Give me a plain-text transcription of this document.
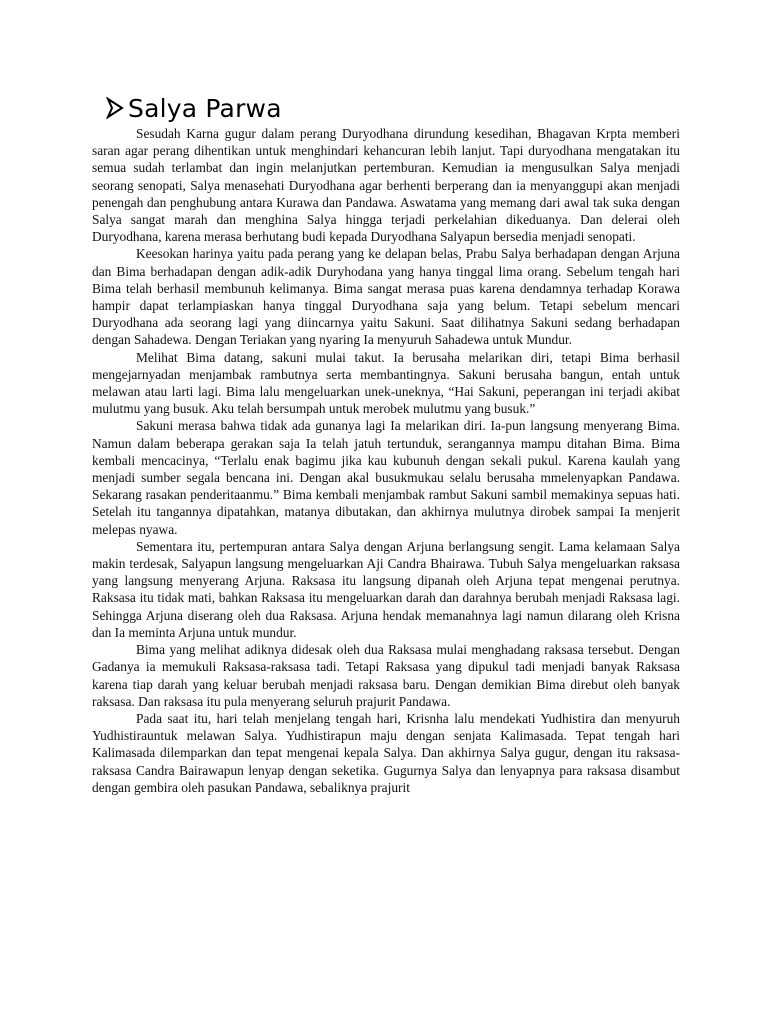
Salya Parwa

Sesudah Karna gugur dalam perang Duryodhana dirundung kesedihan, Bhagavan Krpta memberi saran agar perang dihentikan untuk menghindari kehancuran lebih lanjut. Tapi duryodhana mengatakan itu semua sudah terlambat dan ingin melanjutkan pertemburan. Kemudian ia mengusulkan Salya menjadi seorang senopati, Salya menasehati Duryodhana agar berhenti berperang dan ia menyanggupi akan menjadi penengah dan penghubung antara Kurawa dan Pandawa. Aswatama yang memang dari awal tak suka dengan Salya sangat marah dan menghina Salya hingga terjadi perkelahian dikeduanya. Dan delerai oleh Duryodhana, karena merasa berhutang budi kepada Duryodhana Salyapun bersedia menjadi senopati.

Keesokan harinya yaitu pada perang yang ke delapan belas, Prabu Salya berhadapan dengan Arjuna dan Bima berhadapan dengan adik-adik Duryhodana yang hanya tinggal lima orang. Sebelum tengah hari Bima telah berhasil membunuh kelimanya. Bima sangat merasa puas karena dendamnya terhadap Korawa hampir dapat terlampiaskan hanya tinggal Duryodhana saja yang belum. Tetapi sebelum mencari Duryodhana ada seorang lagi yang diincarnya yaitu Sakuni. Saat dilihatnya Sakuni sedang berhadapan dengan Sahadewa. Dengan Teriakan yang nyaring Ia menyuruh Sahadewa untuk Mundur.

Melihat Bima datang, sakuni mulai takut. Ia berusaha melarikan diri, tetapi Bima berhasil mengejarnyadan menjambak rambutnya serta membantingnya. Sakuni berusaha bangun, entah untuk melawan atau larti lagi. Bima lalu mengeluarkan unek-uneknya, “Hai Sakuni, peperangan ini terjadi akibat mulutmu yang busuk. Aku telah bersumpah untuk merobek mulutmu yang busuk.”

Sakuni merasa bahwa tidak ada gunanya lagi Ia melarikan diri. Ia-pun langsung menyerang Bima. Namun dalam beberapa gerakan saja Ia telah jatuh tertunduk, serangannya mampu ditahan Bima. Bima kembali mencacinya, “Terlalu enak bagimu jika kau kubunuh dengan sekali pukul. Karena kaulah yang menjadi sumber segala bencana ini. Dengan akal busukmukau selalu berusaha mmelenyapkan Pandawa. Sekarang rasakan penderitaanmu.” Bima kembali menjambak rambut Sakuni sambil memakinya sepuas hati. Setelah itu tangannya dipatahkan, matanya dibutakan, dan akhirnya mulutnya dirobek sampai Ia menjerit melepas nyawa.

Sementara itu, pertempuran antara Salya dengan Arjuna berlangsung sengit. Lama kelamaan Salya makin terdesak, Salyapun langsung mengeluarkan Aji Candra Bhairawa. Tubuh Salya mengeluarkan raksasa yang langsung menyerang Arjuna. Raksasa itu langsung dipanah oleh Arjuna tepat mengenai perutnya. Raksasa itu tidak mati, bahkan Raksasa itu mengeluarkan darah dan darahnya berubah menjadi Raksasa lagi. Sehingga Arjuna diserang oleh dua Raksasa. Arjuna hendak memanahnya lagi namun dilarang oleh Krisna dan Ia meminta Arjuna untuk mundur.

Bima yang melihat adiknya didesak oleh dua Raksasa mulai menghadang raksasa tersebut. Dengan Gadanya ia memukuli Raksasa-raksasa tadi. Tetapi Raksasa yang dipukul tadi menjadi banyak Raksasa karena tiap darah yang keluar berubah menjadi raksasa baru. Dengan demikian Bima direbut oleh banyak raksasa. Dan raksasa itu pula menyerang seluruh prajurit Pandawa.

Pada saat itu, hari telah menjelang tengah hari, Krisnha lalu mendekati Yudhistira dan menyuruh Yudhistirauntuk melawan Salya. Yudhistirapun maju dengan senjata Kalimasada. Tepat tengah hari Kalimasada dilemparkan dan tepat mengenai kepala Salya. Dan akhirnya Salya gugur, dengan itu raksasa-raksasa Candra Bairawapun lenyap dengan seketika. Gugurnya Salya dan lenyapnya para raksasa disambut dengan gembira oleh pasukan Pandawa, sebaliknya prajurit
